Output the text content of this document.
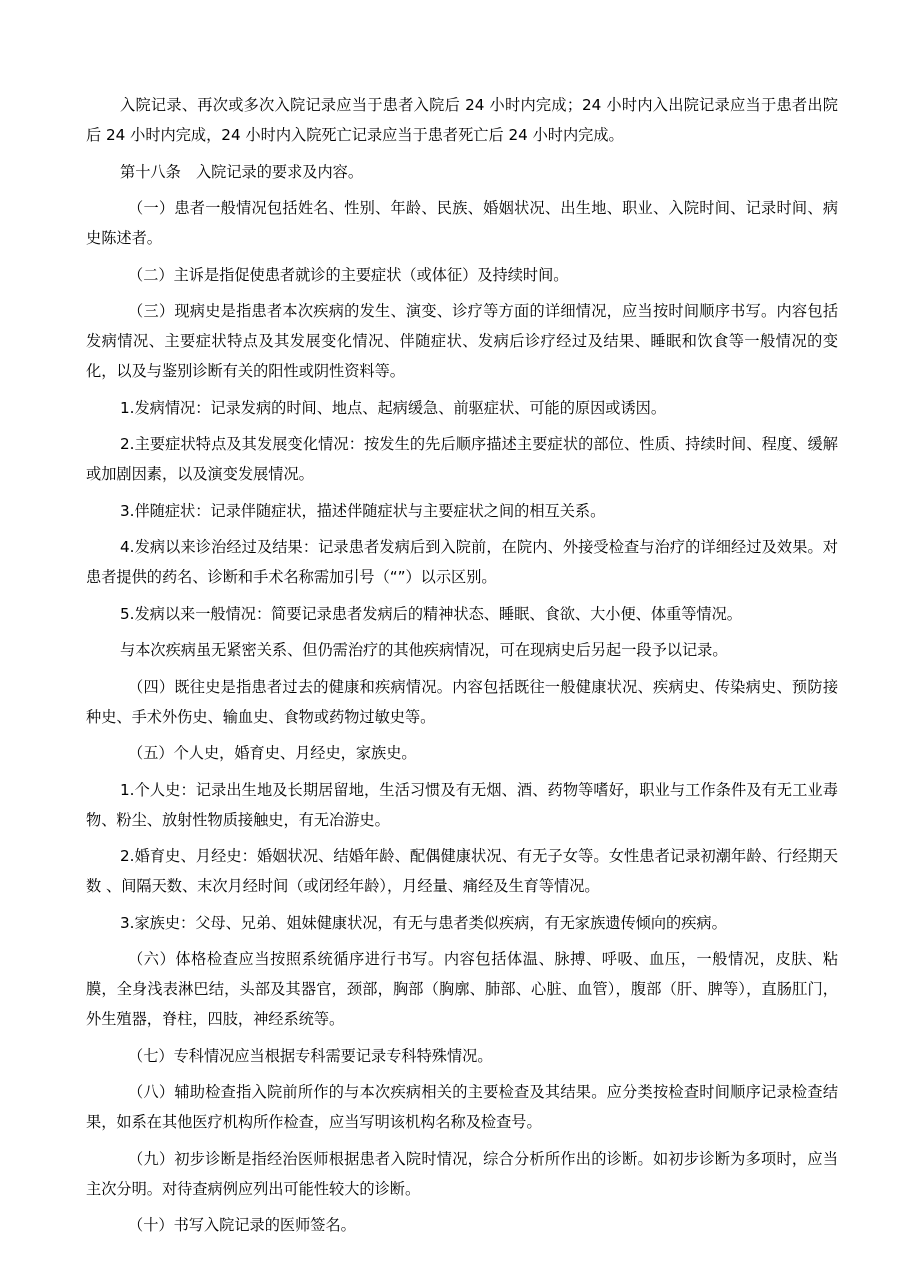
入院记录、再次或多次入院记录应当于患者入院后 24 小时内完成；24 小时内入出院记录应当于患者出院后 24 小时内完成，24 小时内入院死亡记录应当于患者死亡后 24 小时内完成。

第十八条　入院记录的要求及内容。

（一）患者一般情况包括姓名、性别、年龄、民族、婚姻状况、出生地、职业、入院时间、记录时间、病史陈述者。

（二）主诉是指促使患者就诊的主要症状（或体征）及持续时间。

（三）现病史是指患者本次疾病的发生、演变、诊疗等方面的详细情况，应当按时间顺序书写。内容包括发病情况、主要症状特点及其发展变化情况、伴随症状、发病后诊疗经过及结果、睡眠和饮食等一般情况的变化，以及与鉴别诊断有关的阳性或阴性资料等。

1.发病情况：记录发病的时间、地点、起病缓急、前驱症状、可能的原因或诱因。

2.主要症状特点及其发展变化情况：按发生的先后顺序描述主要症状的部位、性质、持续时间、程度、缓解或加剧因素，以及演变发展情况。

3.伴随症状：记录伴随症状，描述伴随症状与主要症状之间的相互关系。

4.发病以来诊治经过及结果：记录患者发病后到入院前，在院内、外接受检查与治疗的详细经过及效果。对患者提供的药名、诊断和手术名称需加引号（“”）以示区别。

5.发病以来一般情况：简要记录患者发病后的精神状态、睡眠、食欲、大小便、体重等情况。

与本次疾病虽无紧密关系、但仍需治疗的其他疾病情况，可在现病史后另起一段予以记录。

（四）既往史是指患者过去的健康和疾病情况。内容包括既往一般健康状况、疾病史、传染病史、预防接种史、手术外伤史、输血史、食物或药物过敏史等。

（五）个人史，婚育史、月经史，家族史。

1.个人史：记录出生地及长期居留地，生活习惯及有无烟、酒、药物等嗜好，职业与工作条件及有无工业毒物、粉尘、放射性物质接触史，有无冶游史。

2.婚育史、月经史：婚姻状况、结婚年龄、配偶健康状况、有无子女等。女性患者记录初潮年龄、行经期天数 、间隔天数、末次月经时间（或闭经年龄），月经量、痛经及生育等情况。

3.家族史：父母、兄弟、姐妹健康状况，有无与患者类似疾病，有无家族遗传倾向的疾病。

（六）体格检查应当按照系统循序进行书写。内容包括体温、脉搏、呼吸、血压，一般情况，皮肤、粘膜，全身浅表淋巴结，头部及其器官，颈部，胸部（胸廓、肺部、心脏、血管），腹部（肝、脾等），直肠肛门，外生殖器，脊柱，四肢，神经系统等。

（七）专科情况应当根据专科需要记录专科特殊情况。

（八）辅助检查指入院前所作的与本次疾病相关的主要检查及其结果。应分类按检查时间顺序记录检查结果，如系在其他医疗机构所作检查，应当写明该机构名称及检查号。

（九）初步诊断是指经治医师根据患者入院时情况，综合分析所作出的诊断。如初步诊断为多项时，应当主次分明。对待查病例应列出可能性较大的诊断。

（十）书写入院记录的医师签名。
